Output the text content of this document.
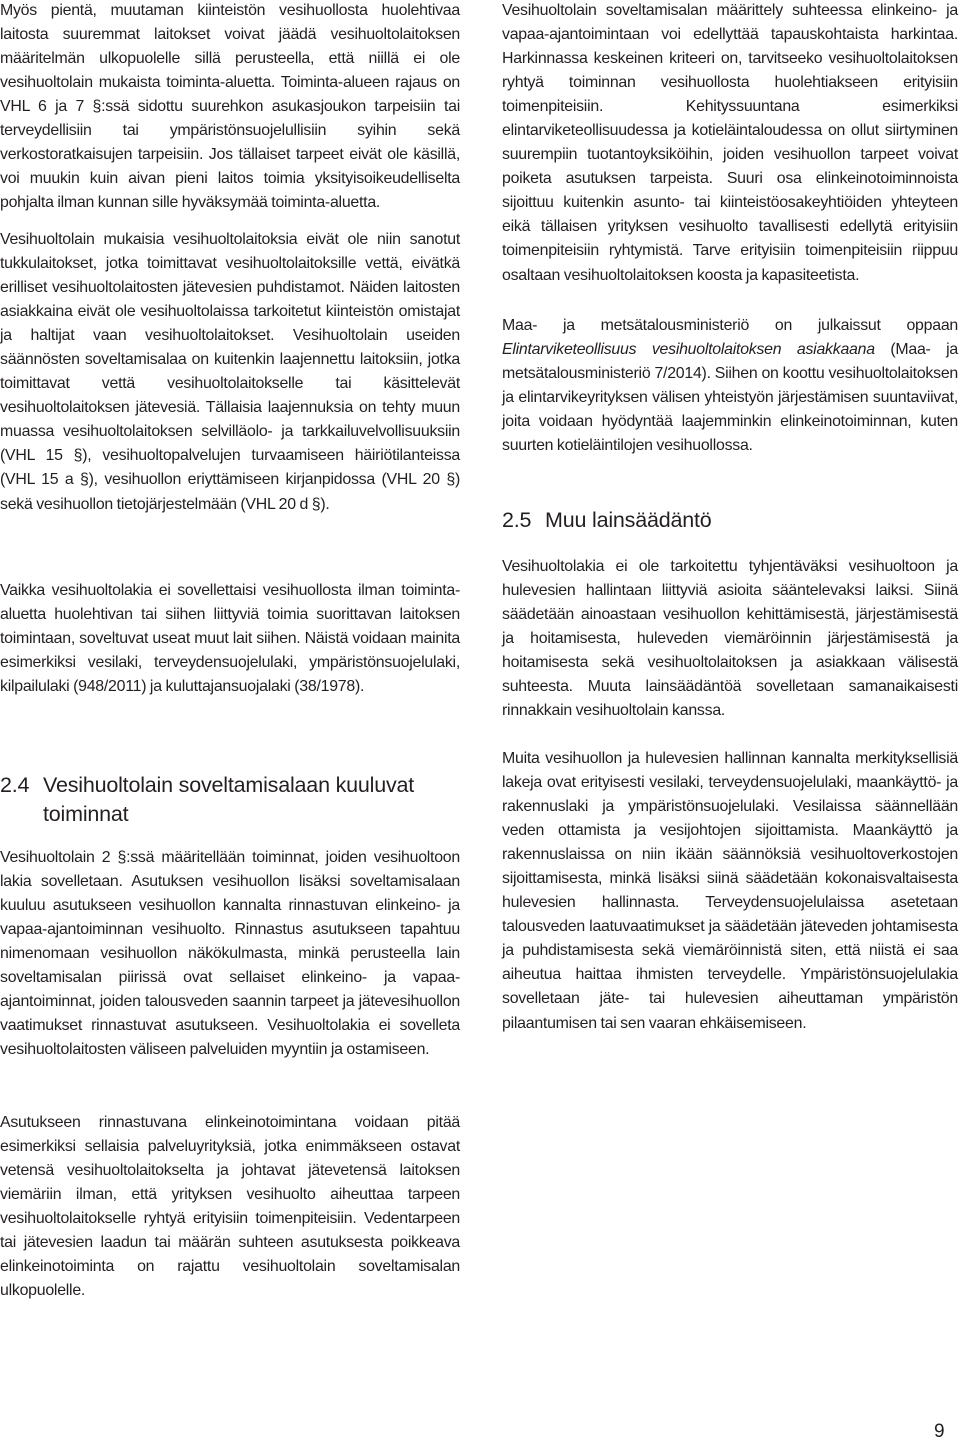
Myös pientä, muutaman kiinteistön vesihuollosta huolehtivaa laitosta suuremmat laitokset voivat jäädä vesihuoltolaitoksen määritelmän ulkopuolelle sillä perusteella, että niillä ei ole vesihuoltolain mukaista toiminta-aluetta. Toiminta-alueen rajaus on VHL 6 ja 7 §:ssä sidottu suurehkon asukasjoukon tarpeisiin tai terveydellisiin tai ympäristönsuojelullisiin syihin sekä verkostoratkaisujen tarpeisiin. Jos tällaiset tarpeet eivät ole käsillä, voi muukin kuin aivan pieni laitos toimia yksityisoikeudelliselta pohjalta ilman kunnan sille hyväksymää toiminta-aluetta.

Vesihuoltolain mukaisia vesihuoltolaitoksia eivät ole niin sanotut tukkulaitokset, jotka toimittavat vesihuoltolaitoksille vettä, eivätkä erilliset vesihuoltolaitosten jätevesien puhdistamot. Näiden laitosten asiakkaina eivät ole vesihuoltolaissa tarkoitetut kiinteistön omistajat ja haltijat vaan vesihuoltolaitokset. Vesihuoltolain useiden säännösten soveltamisalaa on kuitenkin laajennettu laitoksiin, jotka toimittavat vettä vesihuoltolaitokselle tai käsittelevät vesihuoltolaitoksen jätevesiä. Tällaisia laajennuksia on tehty muun muassa vesihuoltolaitoksen selvilläolo- ja tarkkailuvelvollisuuksiin (VHL 15 §), vesihuoltopalvelujen turvaamiseen häiriötilanteissa (VHL 15 a §), vesihuollon eriyttämiseen kirjanpidossa (VHL 20 §) sekä vesihuollon tietojärjestelmään (VHL 20 d §).

Vaikka vesihuoltolakia ei sovellettaisi vesihuollosta ilman toiminta-aluetta huolehtivan tai siihen liittyviä toimia suorittavan laitoksen toimintaan, soveltuvat useat muut lait siihen. Näistä voidaan mainita esimerkiksi vesilaki, terveydensuojelulaki, ympäristönsuojelulaki, kilpailulaki (948/2011) ja kuluttajansuojalaki (38/1978).

2.4 Vesihuoltolain soveltamisalaan kuuluvat toiminnat

Vesihuoltolain 2 §:ssä määritellään toiminnat, joiden vesihuoltoon lakia sovelletaan. Asutuksen vesihuollon lisäksi soveltamisalaan kuuluu asutukseen vesihuollon kannalta rinnastuvan elinkeino- ja vapaa-ajantoiminnan vesihuolto. Rinnastus asutukseen tapahtuu nimenomaan vesihuollon näkökulmasta, minkä perusteella lain soveltamisalan piirissä ovat sellaiset elinkeino- ja vapaa-ajantoiminnat, joiden talousveden saannin tarpeet ja jätevesihuollon vaatimukset rinnastuvat asutukseen. Vesihuoltolakia ei sovelleta vesihuoltolaitosten väliseen palveluiden myyntiin ja ostamiseen.

Asutukseen rinnastuvana elinkeinotoimintana voidaan pitää esimerkiksi sellaisia palveluyrityksiä, jotka enimmäkseen ostavat vetensä vesihuoltolaitokselta ja johtavat jätevetensä laitoksen viemäriin ilman, että yrityksen vesihuolto aiheuttaa tarpeen vesihuoltolaitokselle ryhtyä erityisiin toimenpiteisiin. Vedentarpeen tai jätevesien laadun tai määrän suhteen asutuksesta poikkeava elinkeinotoiminta on rajattu vesihuoltolain soveltamisalan ulkopuolelle.

Vesihuoltolain soveltamisalan määrittely suhteessa elinkeino- ja vapaa-ajantoimintaan voi edellyttää tapauskohtaista harkintaa. Harkinnassa keskeinen kriteeri on, tarvitseeko vesihuoltolaitoksen ryhtyä toiminnan vesihuollosta huolehtiakseen erityisiin toimenpiteisiin. Kehityssuuntana esimerkiksi elintarviketeollisuudessa ja kotieläintaloudessa on ollut siirtyminen suurempiin tuotantoyksiköihin, joiden vesihuollon tarpeet voivat poiketa asutuksen tarpeista. Suuri osa elinkeinotoiminnoista sijoittuu kuitenkin asunto- tai kiinteistöosakeyhtiöiden yhteyteen eikä tällaisen yrityksen vesihuolto tavallisesti edellytä erityisiin toimenpiteisiin ryhtymistä. Tarve erityisiin toimenpiteisiin riippuu osaltaan vesihuoltolaitoksen koosta ja kapasiteetista.

Maa- ja metsätalousministeriö on julkaissut oppaan Elintarviketeollisuus vesihuoltolaitoksen asiakkaana (Maa- ja metsätalousministeriö 7/2014). Siihen on koottu vesihuoltolaitoksen ja elintarvikeyrityksen välisen yhteistyön järjestämisen suuntaviivat, joita voidaan hyödyntää laajemminkin elinkeinotoiminnan, kuten suurten kotieläintilojen vesihuollossa.

2.5 Muu lainsäädäntö

Vesihuoltolakia ei ole tarkoitettu tyhjentäväksi vesihuoltoon ja hulevesien hallintaan liittyviä asioita sääntelevaksi laiksi. Siinä säädetään ainoastaan vesihuollon kehittämisestä, järjestämisestä ja hoitamisesta, huleveden viemäröinnin järjestämisestä ja hoitamisesta sekä vesihuoltolaitoksen ja asiakkaan välisestä suhteesta. Muuta lainsäädäntöä sovelletaan samanaikaisesti rinnakkain vesihuoltolain kanssa.

Muita vesihuollon ja hulevesien hallinnan kannalta merkityksellisiä lakeja ovat erityisesti vesilaki, terveydensuojelulaki, maankäyttö- ja rakennuslaki ja ympäristönsuojelulaki. Vesilaissa säännellään veden ottamista ja vesijohtojen sijoittamista. Maankäyttö ja rakennuslaissa on niin ikään säännöksiä vesihuoltoverkostojen sijoittamisesta, minkä lisäksi siinä säädetään kokonaisvaltaisesta hulevesien hallinnasta. Terveydensuojelulaissa asetetaan talousveden laatuvaatimukset ja säädetään jäteveden johtamisesta ja puhdistamisesta sekä viemäröinnistä siten, että niistä ei saa aiheutua haittaa ihmisten terveydelle. Ympäristönsuojelulakia sovelletaan jäte- tai hulevesien aiheuttaman ympäristön pilaantumisen tai sen vaaran ehkäisemiseen.

9
